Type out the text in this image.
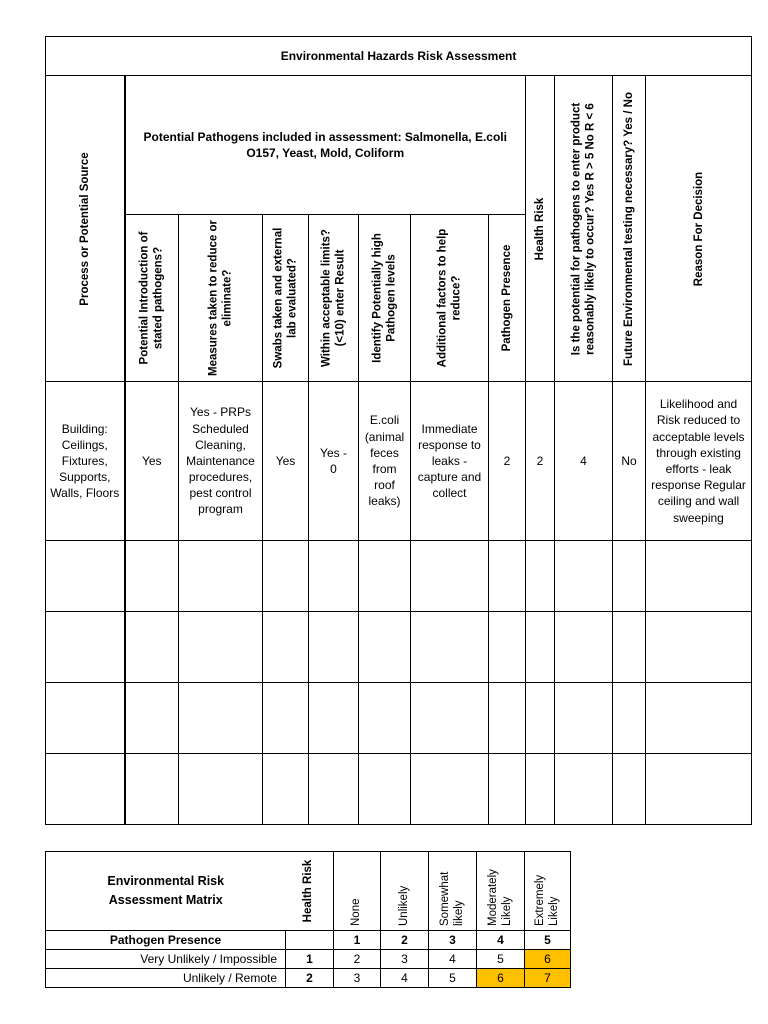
Environmental Hazards Risk Assessment											

Process or Potential Source	Potential Pathogens included in assessment: Salmonella, E.coli O157, Yeast, Mold, Coliform							Health Risk	Is the potential for pathogens to enter product reasonably likely to occur? Yes R > 5 No R < 6	Future Environmental testing necessary? Yes / No	Reason For Decision

	Potential Introduction of stated pathogens?	Measures taken to reduce or eliminate?	Swabs taken and external lab evaluated?	Within acceptable limits? (<10) enter Result	Identify Potentially high Pathogen levels	Additional factors to help reduce?	Pathogen Presence				

Building: Ceilings, Fixtures, Supports, Walls, Floors	Yes	Yes - PRPs Scheduled Cleaning, Maintenance procedures, pest control program	Yes	Yes - 0	E.coli (animal feces from roof leaks)	Immediate response to leaks - capture and collect	2	2	4	No	Likelihood and Risk reduced to acceptable levels through existing efforts - leak response Regular ceiling and wall sweeping

Environmental Risk Assessment Matrix	Health Risk	None	Unlikely	Somewhat likely	Moderately Likely	Extremely Likely

Pathogen Presence		1	2	3	4	5
Very Unlikely / Impossible	1	2	3	4	5	6
Unlikely / Remote	2	3	4	5	6	7
